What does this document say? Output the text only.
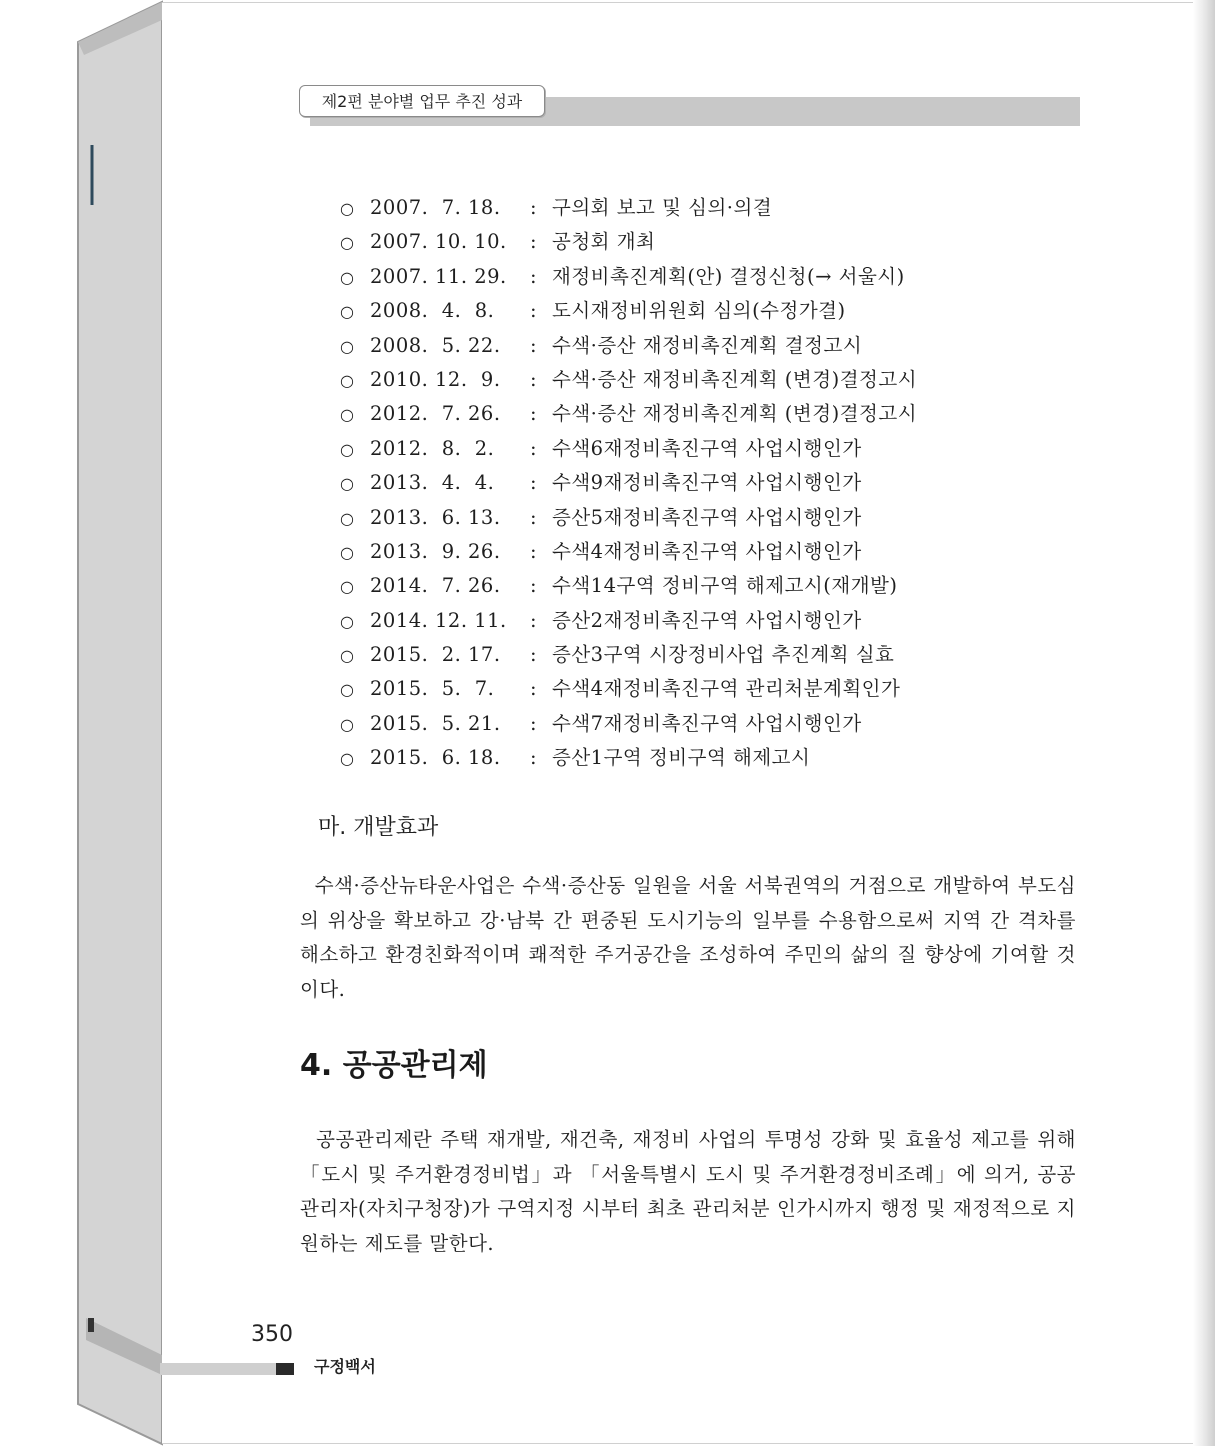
제2편 분야별 업무 추진 성과
○ 2007.  7. 18. : 구의회 보고 및 심의·의결
○ 2007. 10. 10. : 공청회 개최
○ 2007. 11. 29. : 재정비촉진계획(안) 결정신청(→ 서울시)
○ 2008.  4.  8. : 도시재정비위원회 심의(수정가결)
○ 2008.  5. 22. : 수색·증산 재정비촉진계획 결정고시
○ 2010. 12.  9. : 수색·증산 재정비촉진계획 (변경)결정고시
○ 2012.  7. 26. : 수색·증산 재정비촉진계획 (변경)결정고시
○ 2012.  8.  2. : 수색6재정비촉진구역 사업시행인가
○ 2013.  4.  4. : 수색9재정비촉진구역 사업시행인가
○ 2013.  6. 13. : 증산5재정비촉진구역 사업시행인가
○ 2013.  9. 26. : 수색4재정비촉진구역 사업시행인가
○ 2014.  7. 26. : 수색14구역 정비구역 해제고시(재개발)
○ 2014. 12. 11. : 증산2재정비촉진구역 사업시행인가
○ 2015.  2. 17. : 증산3구역 시장정비사업 추진계획 실효
○ 2015.  5.  7. : 수색4재정비촉진구역 관리처분계획인가
○ 2015.  5. 21. : 수색7재정비촉진구역 사업시행인가
○ 2015.  6. 18. : 증산1구역 정비구역 해제고시
마. 개발효과
수색·증산뉴타운사업은 수색·증산동 일원을 서울 서북권역의 거점으로 개발하여 부도심의 위상을 확보하고 강·남북 간 편중된 도시기능의 일부를 수용함으로써 지역 간 격차를 해소하고 환경친화적이며 쾌적한 주거공간을 조성하여 주민의 삶의 질 향상에 기여할 것이다.
4. 공공관리제
공공관리제란 주택 재개발, 재건축, 재정비 사업의 투명성 강화 및 효율성 제고를 위해 「도시 및 주거환경정비법」과 「서울특별시 도시 및 주거환경정비조례」에 의거, 공공관리자(자치구청장)가 구역지정 시부터 최초 관리처분 인가시까지 행정 및 재정적으로 지원하는 제도를 말한다.
350
구정백서
